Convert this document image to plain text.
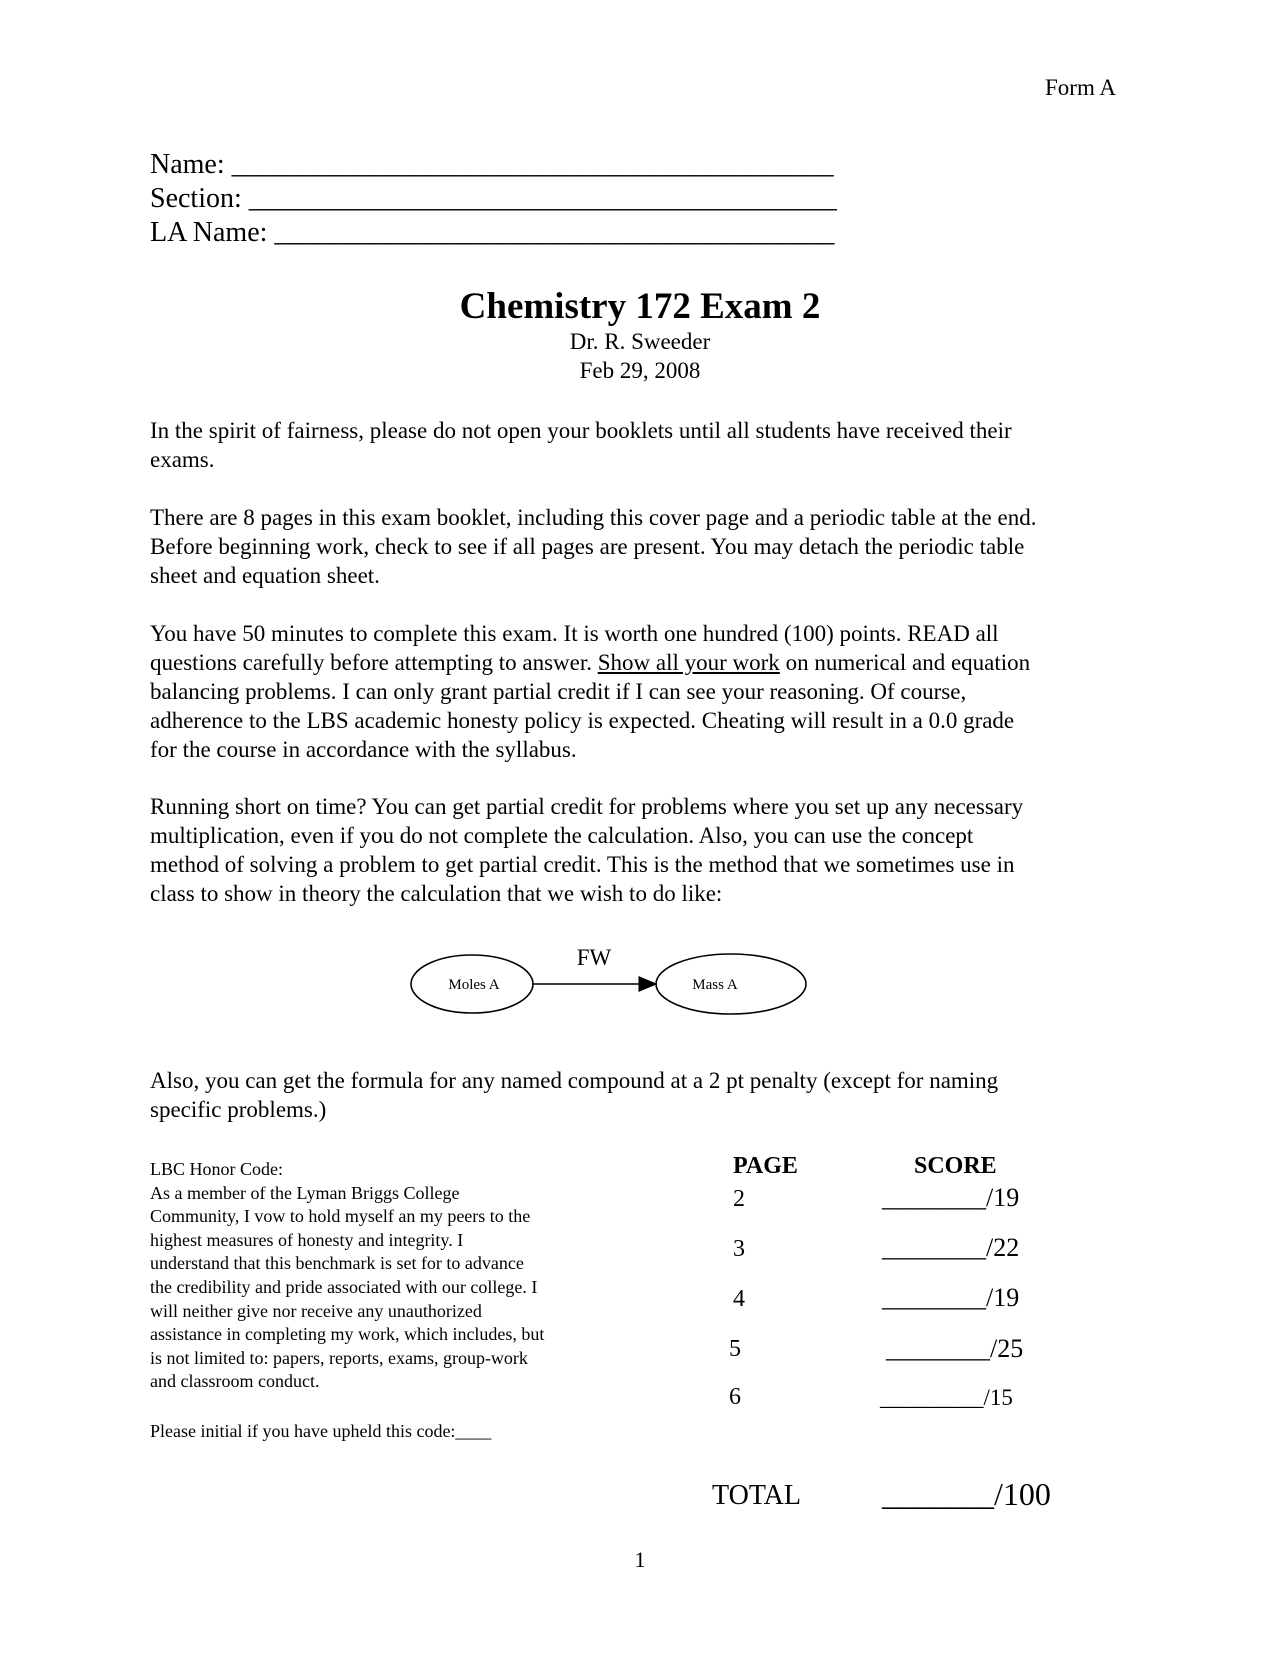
Form A
Name: ___________________________________________
Section: __________________________________________
LA Name: ________________________________________
Chemistry 172 Exam 2
Dr. R. Sweeder
Feb 29, 2008
In the spirit of fairness, please do not open your booklets until all students have received their
exams.
There are 8 pages in this exam booklet, including this cover page and a periodic table at the end.
Before beginning work, check to see if all pages are present. You may detach the periodic table
sheet and equation sheet.
You have 50 minutes to complete this exam. It is worth one hundred (100) points. READ all
questions carefully before attempting to answer. Show all your work on numerical and equation
balancing problems. I can only grant partial credit if I can see your reasoning. Of course,
adherence to the LBS academic honesty policy is expected. Cheating will result in a 0.0 grade
for the course in accordance with the syllabus.
Running short on time? You can get partial credit for problems where you set up any necessary
multiplication, even if you do not complete the calculation. Also, you can use the concept
method of solving a problem to get partial credit. This is the method that we sometimes use in
class to show in theory the calculation that we wish to do like:
Moles A
FW
Mass A
Also, you can get the formula for any named compound at a 2 pt penalty (except for naming
specific problems.)
LBC Honor Code:
As a member of the Lyman Briggs College
Community, I vow to hold myself an my peers to the
highest measures of honesty and integrity. I
understand that this benchmark is set for to advance
the credibility and pride associated with our college. I
will neither give nor receive any unauthorized
assistance in completing my work, which includes, but
is not limited to: papers, reports, exams, group-work
and classroom conduct.
Please initial if you have upheld this code:____
PAGE	SCORE
2	________/19
3	________/22
4	________/19
5	________/25
6	_________/15
TOTAL	_______/100
1
